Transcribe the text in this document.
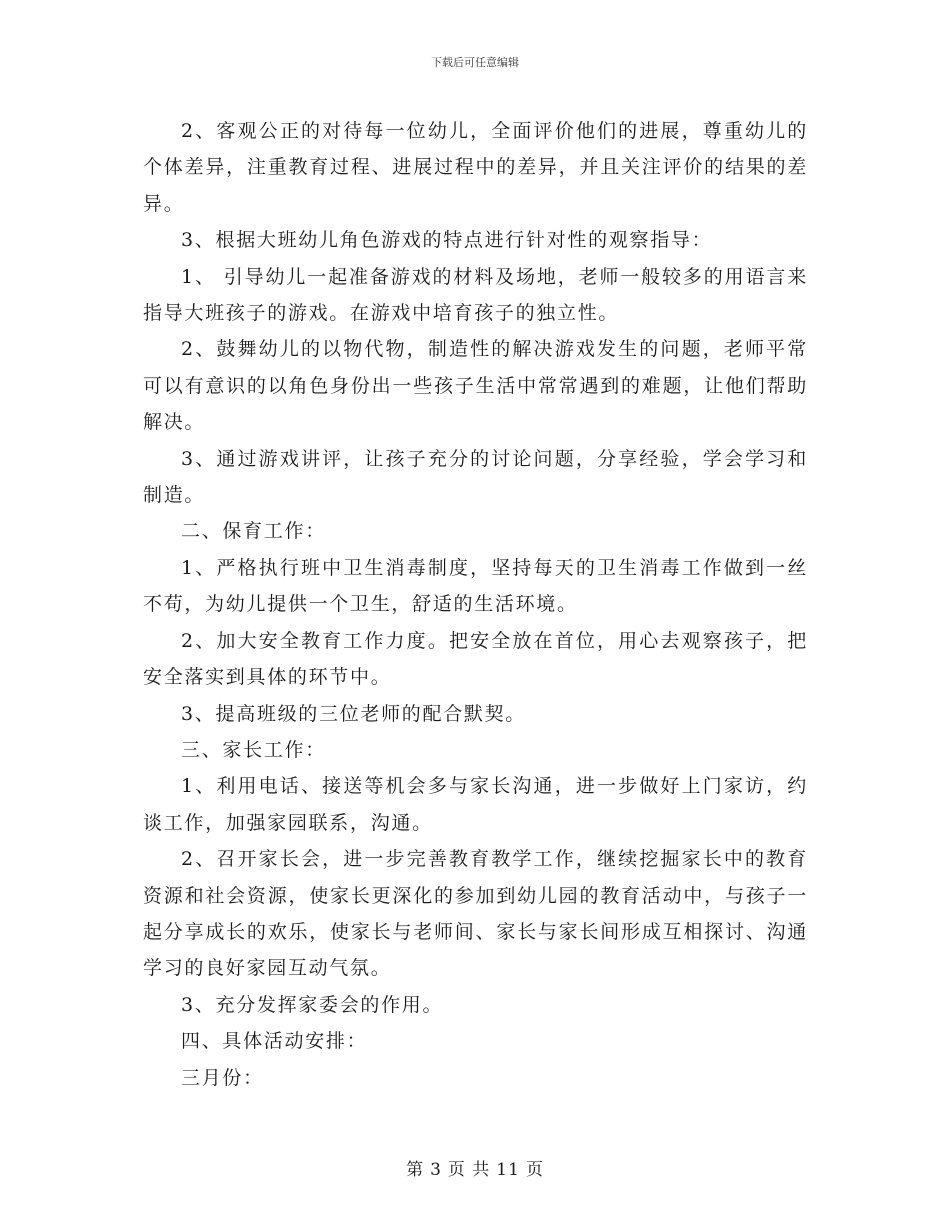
下载后可任意编辑

2、客观公正的对待每一位幼儿，全面评价他们的进展，尊重幼儿的个体差异，注重教育过程、进展过程中的差异，并且关注评价的结果的差异。

3、根据大班幼儿角色游戏的特点进行针对性的观察指导：

1、 引导幼儿一起准备游戏的材料及场地，老师一般较多的用语言来指导大班孩子的游戏。在游戏中培育孩子的独立性。

2、鼓舞幼儿的以物代物，制造性的解决游戏发生的问题，老师平常可以有意识的以角色身份出一些孩子生活中常常遇到的难题，让他们帮助解决。

3、通过游戏讲评，让孩子充分的讨论问题，分享经验，学会学习和制造。

二、保育工作：

1、严格执行班中卫生消毒制度，坚持每天的卫生消毒工作做到一丝不苟，为幼儿提供一个卫生，舒适的生活环境。

2、加大安全教育工作力度。把安全放在首位，用心去观察孩子，把安全落实到具体的环节中。

3、提高班级的三位老师的配合默契。

三、家长工作：

1、利用电话、接送等机会多与家长沟通，进一步做好上门家访，约谈工作，加强家园联系，沟通。

2、召开家长会，进一步完善教育教学工作，继续挖掘家长中的教育资源和社会资源，使家长更深化的参加到幼儿园的教育活动中，与孩子一起分享成长的欢乐，使家长与老师间、家长与家长间形成互相探讨、沟通学习的良好家园互动气氛。

3、充分发挥家委会的作用。

四、具体活动安排：

三月份：

第 3 页 共 11 页
